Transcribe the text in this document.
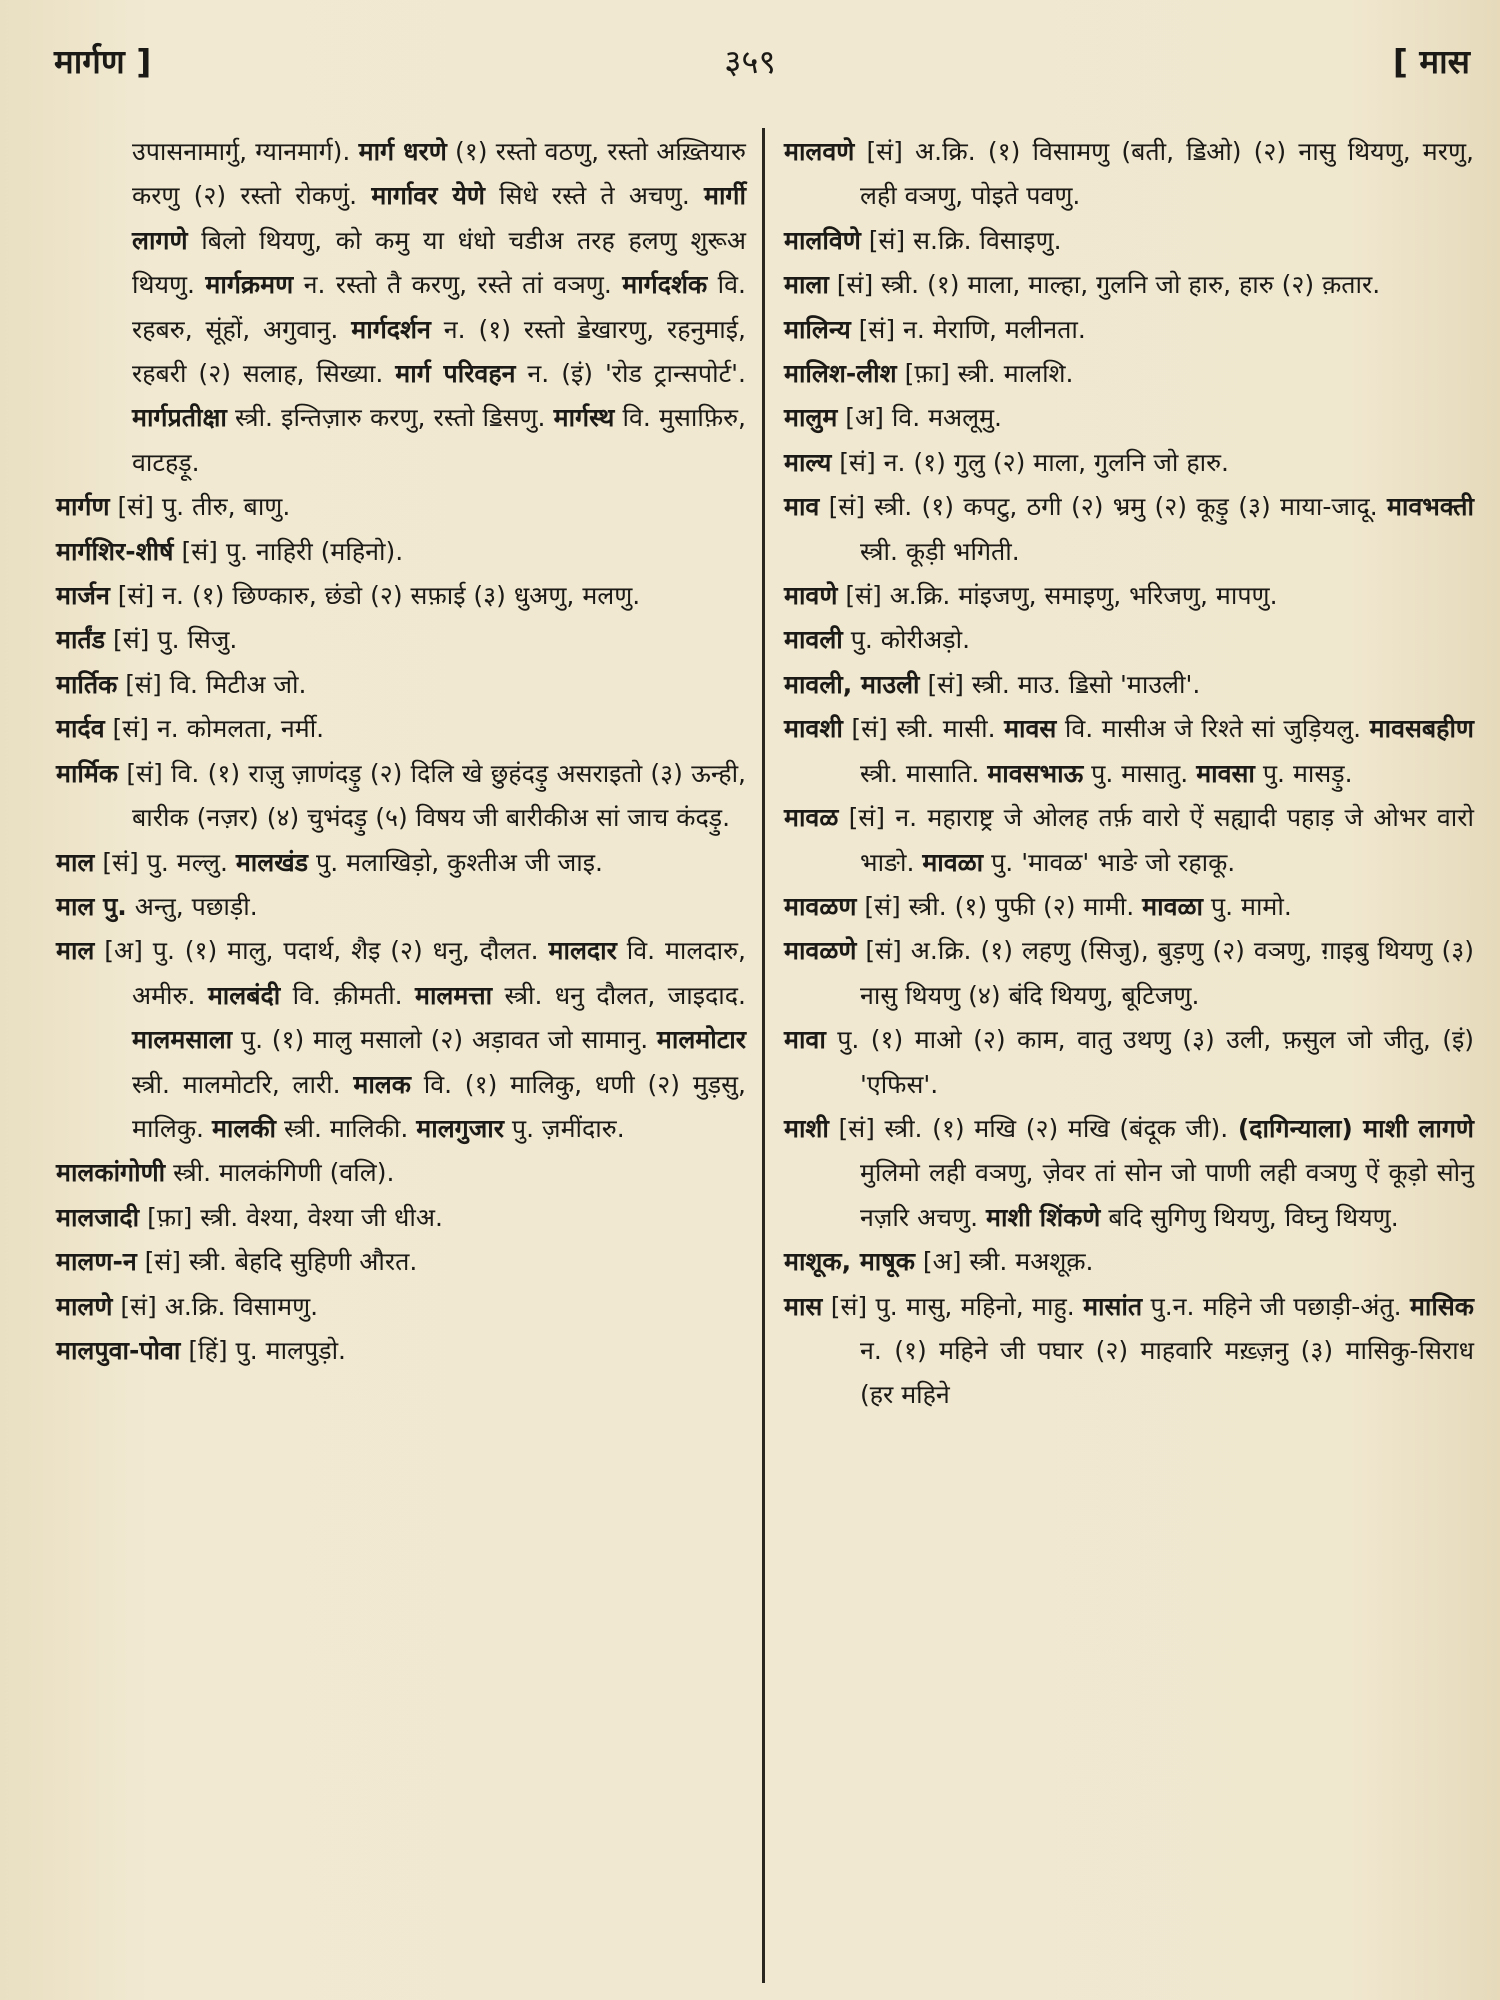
मार्गण ]	३५९	[ मास
उपासनामार्गु, ग्यानमार्ग). मार्ग धरणे (१) रस्तो वठणु, रस्तो अख़्तियारु करणु (२) रस्तो रोकणुं. मार्गावर येणे सिधे रस्ते ते अचणु. मार्गी लागणे बिलो थियणु, को कमु या धंधो चडीअ तरह हलणु शुरूअ थियणु. मार्गक्रमण न. रस्तो तै करणु, रस्ते तां वञणु. मार्गदर्शक वि. रहबरु, सूंहों, अगुवानु. मार्गदर्शन न. (१) रस्तो ॾेखारणु, रहनुमाई, रहबरी (२) सलाह, सिख्या. मार्ग परिवहन न. (इं) 'रोड ट्रान्सपोर्ट'. मार्गप्रतीक्षा स्त्री. इन्तिज़ारु करणु, रस्तो ॾिसणु. मार्गस्थ वि. मुसाफ़िरु, वाटहड़ू.
मार्गण [सं] पु. तीरु, बाणु.
मार्गशिर-शीर्ष [सं] पु. नाहिरी (महिनो).
मार्जन [सं] न. (१) छिण्कारु, छंडो (२) सफ़ाई (३) धुअणु, मलणु.
मार्तंड [सं] पु. सिजु.
मार्तिक [सं] वि. मिटीअ जो.
मार्दव [सं] न. कोमलता, नर्मी.
मार्मिक [सं] वि. (१) राज़ु ज़ाणंदड़ु (२) दिलि खे छुहंदड़ु असराइतो (३) ऊन्ही, बारीक (नज़र) (४) चुभंदड़ु (५) विषय जी बारीकीअ सां जाच कंदड़ु.
माल [सं] पु. मल्लु. मालखंड पु. मलाखिड़ो, कुश्तीअ जी जाइ.
माल पु. अन्तु, पछाड़ी.
माल [अ] पु. (१) मालु, पदार्थ, शैइ (२) धनु, दौलत. मालदार वि. मालदारु, अमीरु. मालबंदी वि. क़ीमती. मालमत्ता स्त्री. धनु दौलत, जाइदाद. मालमसाला पु. (१) मालु मसालो (२) अड़ावत जो सामानु. मालमोटार स्त्री. मालमोटरि, लारी. मालक वि. (१) मालिकु, धणी (२) मुड़सु, मालिकु. मालकी स्त्री. मालिकी. मालगुजार पु. ज़मींदारु.
मालकांगोणी स्त्री. मालकंगिणी (वलि).
मालजादी [फ़ा] स्त्री. वेश्या, वेश्या जी धीअ.
मालण-न [सं] स्त्री. बेहदि सुहिणी औरत.
मालणे [सं] अ.क्रि. विसामणु.
मालपुवा-पोवा [हिं] पु. मालपुड़ो.
मालवणे [सं] अ.क्रि. (१) विसामणु (बती, ॾिओ) (२) नासु थियणु, मरणु, लही वञणु, पोइते पवणु.
मालविणे [सं] स.क्रि. विसाइणु.
माला [सं] स्त्री. (१) माला, माल्हा, गुलनि जो हारु, हारु (२) क़तार.
मालिन्य [सं] न. मेराणि, मलीनता.
मालिश-लीश [फ़ा] स्त्री. मालशि.
मालुम [अ] वि. मअलूमु.
माल्य [सं] न. (१) गुलु (२) माला, गुलनि जो हारु.
माव [सं] स्त्री. (१) कपटु, ठगी (२) भ्रमु (२) कूड़ु (३) माया-जादू. मावभक्ती स्त्री. कूड़ी भगिती.
मावणे [सं] अ.क्रि. मांइजणु, समाइणु, भरिजणु, मापणु.
मावली पु. कोरीअड़ो.
मावली, माउली [सं] स्त्री. माउ. ॾिसो 'माउली'.
मावशी [सं] स्त्री. मासी. मावस वि. मासीअ जे रिश्ते सां जुड़ियलु. मावसबहीण स्त्री. मासाति. मावसभाऊ पु. मासातु. मावसा पु. मासड़ु.
मावळ [सं] न. महाराष्ट्र जे ओलह तर्फ़ वारो ऐं सह्यादी पहाड़ जे ओभर वारो भाङो. मावळा पु. 'मावळ' भाङे जो रहाकू.
मावळण [सं] स्त्री. (१) पुफी (२) मामी. मावळा पु. मामो.
मावळणे [सं] अ.क्रि. (१) लहणु (सिजु), बुड़णु (२) वञणु, ग़ाइबु थियणु (३) नासु थियणु (४) बंदि थियणु, बूटिजणु.
मावा पु. (१) माओ (२) काम, वातु उथणु (३) उली, फ़सुल जो जीतु, (इं) 'एफिस'.
माशी [सं] स्त्री. (१) मखि (२) मखि (बंदूक जी). (दागिन्याला) माशी लागणे मुलिमो लही वञणु, ज़ेवर तां सोन जो पाणी लही वञणु ऐं कूड़ो सोनु नज़रि अचणु. माशी शिंकणे बदि सुगिणु थियणु, विघ्नु थियणु.
माशूक, माषूक [अ] स्त्री. मअशूक़.
मास [सं] पु. मासु, महिनो, माहु. मासांत पु.न. महिने जी पछाड़ी-अंतु. मासिक न. (१) महिने जी पघार (२) माहवारि मख़्ज़नु (३) मासिकु-सिराध (हर महिने
